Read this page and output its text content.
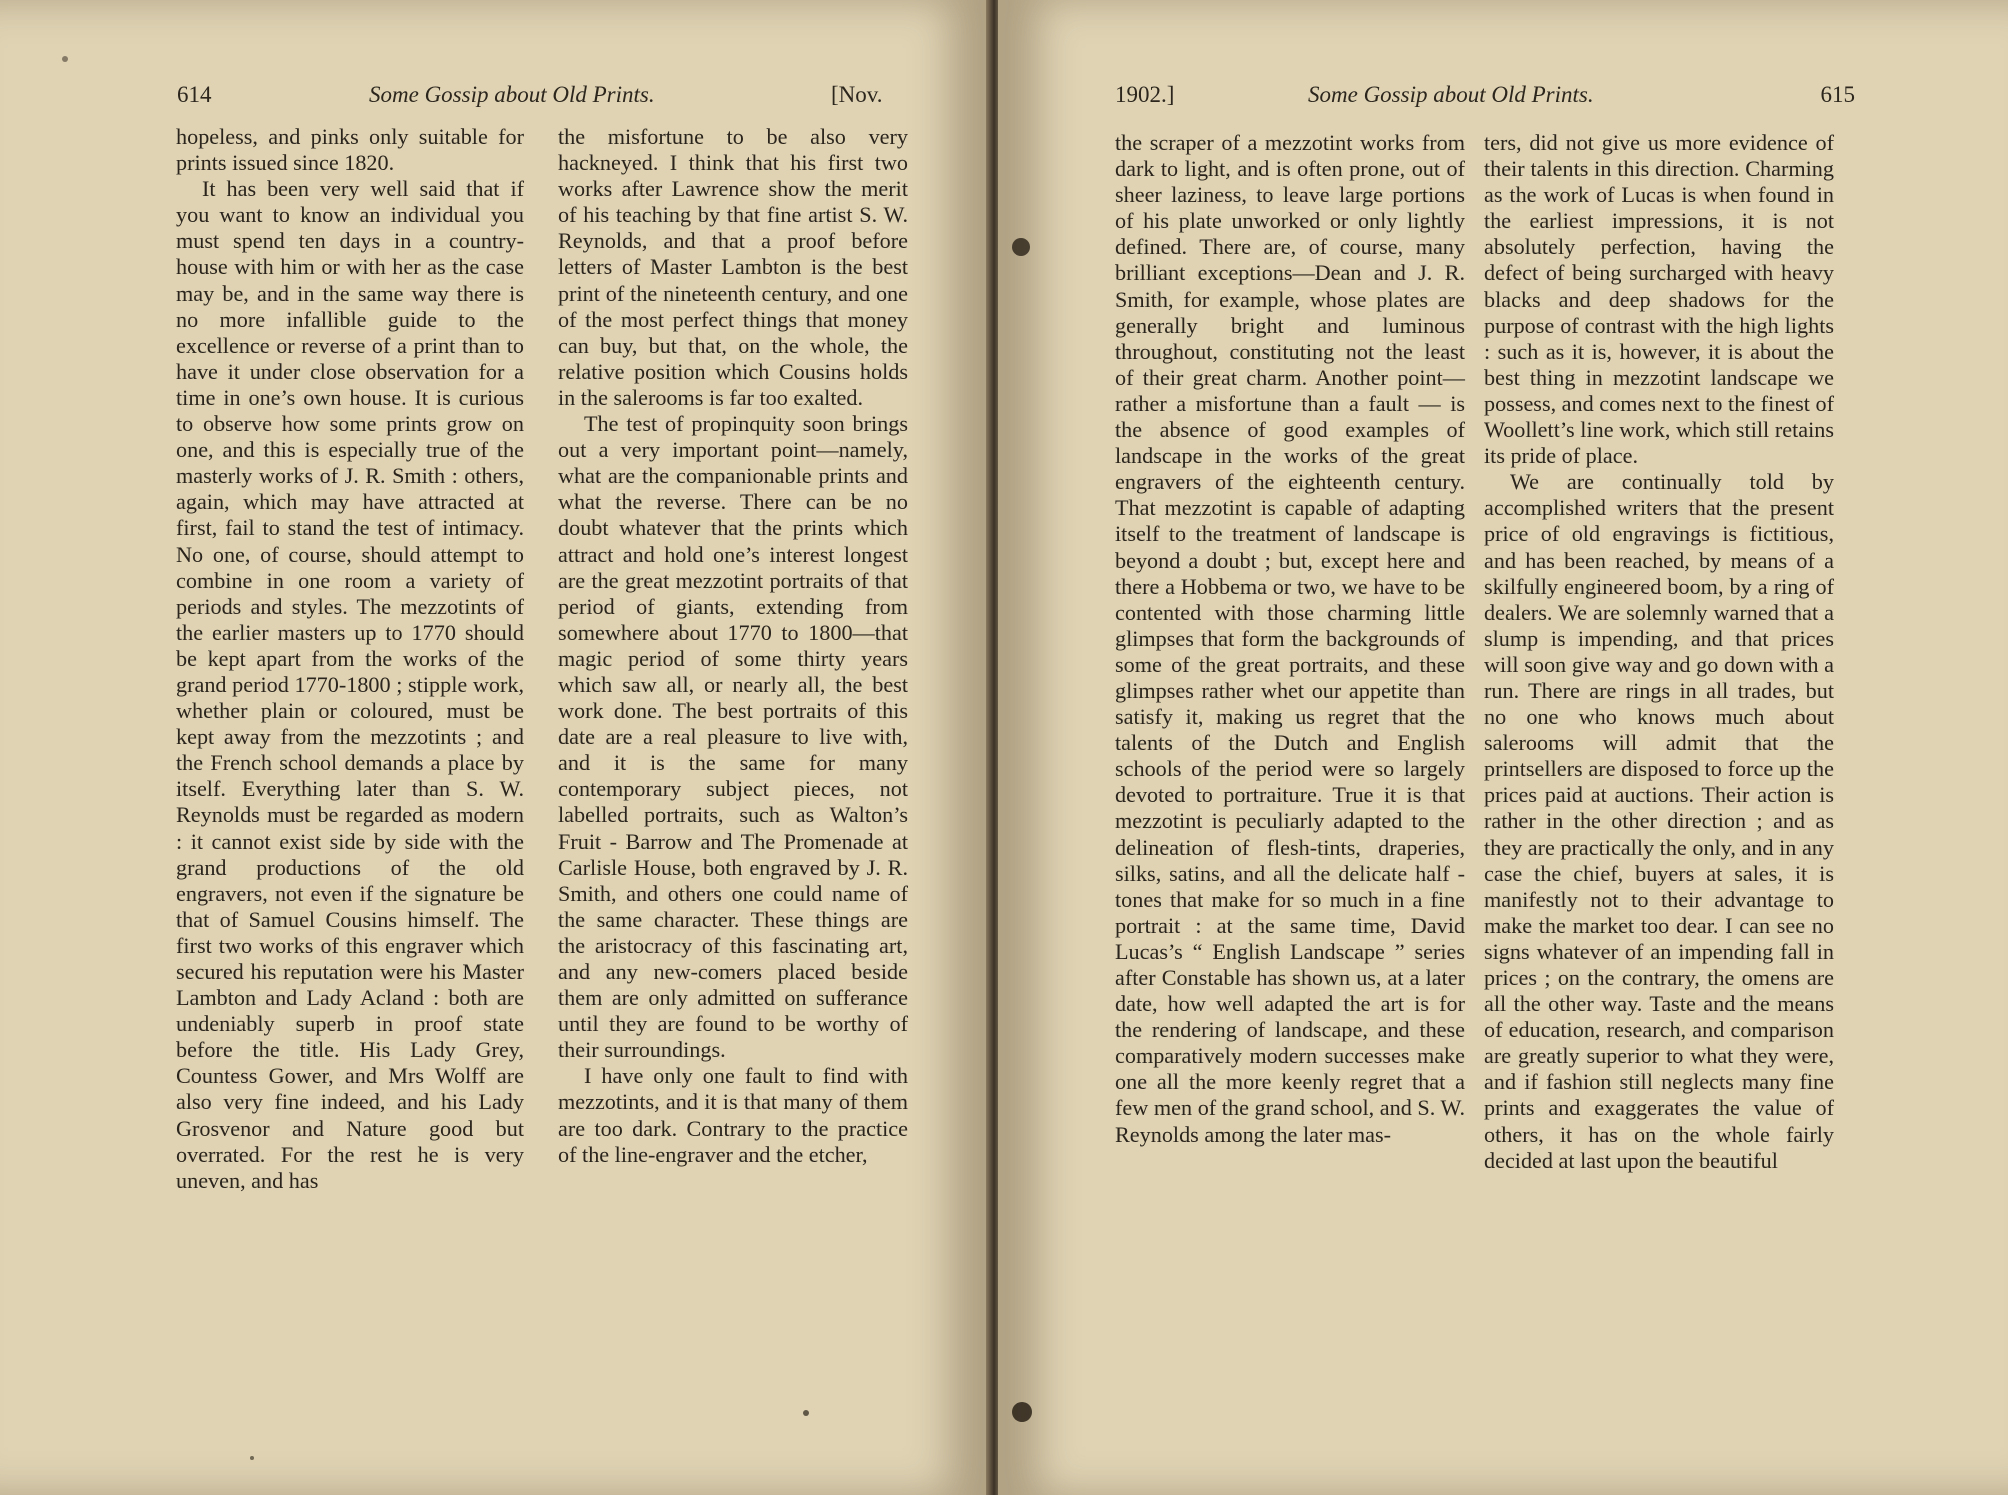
614	Some Gossip about Old Prints.	[Nov.

hopeless, and pinks only suitable for prints issued since 1820.

It has been very well said that if you want to know an individual you must spend ten days in a country-house with him or with her as the case may be, and in the same way there is no more infallible guide to the excellence or reverse of a print than to have it under close observation for a time in one’s own house. It is curious to observe how some prints grow on one, and this is especially true of the masterly works of J. R. Smith : others, again, which may have attracted at first, fail to stand the test of intimacy. No one, of course, should attempt to combine in one room a variety of periods and styles. The mezzotints of the earlier masters up to 1770 should be kept apart from the works of the grand period 1770-1800 ; stipple work, whether plain or coloured, must be kept away from the mezzotints ; and the French school demands a place by itself. Everything later than S. W. Reynolds must be regarded as modern : it cannot exist side by side with the grand productions of the old engravers, not even if the signature be that of Samuel Cousins himself. The first two works of this engraver which secured his reputation were his Master Lambton and Lady Acland : both are undeniably superb in proof state before the title. His Lady Grey, Countess Gower, and Mrs Wolff are also very fine indeed, and his Lady Grosvenor and Nature good but overrated. For the rest he is very uneven, and has

the misfortune to be also very hackneyed. I think that his first two works after Lawrence show the merit of his teaching by that fine artist S. W. Reynolds, and that a proof before letters of Master Lambton is the best print of the nineteenth century, and one of the most perfect things that money can buy, but that, on the whole, the relative position which Cousins holds in the salerooms is far too exalted.

The test of propinquity soon brings out a very important point—namely, what are the companionable prints and what the reverse. There can be no doubt whatever that the prints which attract and hold one’s interest longest are the great mezzotint portraits of that period of giants, extending from somewhere about 1770 to 1800—that magic period of some thirty years which saw all, or nearly all, the best work done. The best portraits of this date are a real pleasure to live with, and it is the same for many contemporary subject pieces, not labelled portraits, such as Walton’s Fruit - Barrow and The Promenade at Carlisle House, both engraved by J. R. Smith, and others one could name of the same character. These things are the aristocracy of this fascinating art, and any new-comers placed beside them are only admitted on sufferance until they are found to be worthy of their surroundings.

I have only one fault to find with mezzotints, and it is that many of them are too dark. Contrary to the practice of the line-engraver and the etcher,

1902.]	Some Gossip about Old Prints.	615

the scraper of a mezzotint works from dark to light, and is often prone, out of sheer laziness, to leave large portions of his plate unworked or only lightly defined. There are, of course, many brilliant exceptions—Dean and J. R. Smith, for example, whose plates are generally bright and luminous throughout, constituting not the least of their great charm. Another point—rather a misfortune than a fault — is the absence of good examples of landscape in the works of the great engravers of the eighteenth century. That mezzotint is capable of adapting itself to the treatment of landscape is beyond a doubt ; but, except here and there a Hobbema or two, we have to be contented with those charming little glimpses that form the backgrounds of some of the great portraits, and these glimpses rather whet our appetite than satisfy it, making us regret that the talents of the Dutch and English schools of the period were so largely devoted to portraiture. True it is that mezzotint is peculiarly adapted to the delineation of flesh-tints, draperies, silks, satins, and all the delicate half - tones that make for so much in a fine portrait : at the same time, David Lucas’s “ English Landscape ” series after Constable has shown us, at a later date, how well adapted the art is for the rendering of landscape, and these comparatively modern successes make one all the more keenly regret that a few men of the grand school, and S. W. Reynolds among the later mas-

ters, did not give us more evidence of their talents in this direction. Charming as the work of Lucas is when found in the earliest impressions, it is not absolutely perfection, having the defect of being surcharged with heavy blacks and deep shadows for the purpose of contrast with the high lights : such as it is, however, it is about the best thing in mezzotint landscape we possess, and comes next to the finest of Woollett’s line work, which still retains its pride of place.

We are continually told by accomplished writers that the present price of old engravings is fictitious, and has been reached, by means of a skilfully engineered boom, by a ring of dealers. We are solemnly warned that a slump is impending, and that prices will soon give way and go down with a run. There are rings in all trades, but no one who knows much about salerooms will admit that the printsellers are disposed to force up the prices paid at auctions. Their action is rather in the other direction ; and as they are practically the only, and in any case the chief, buyers at sales, it is manifestly not to their advantage to make the market too dear. I can see no signs whatever of an impending fall in prices ; on the contrary, the omens are all the other way. Taste and the means of education, research, and comparison are greatly superior to what they were, and if fashion still neglects many fine prints and exaggerates the value of others, it has on the whole fairly decided at last upon the beautiful
